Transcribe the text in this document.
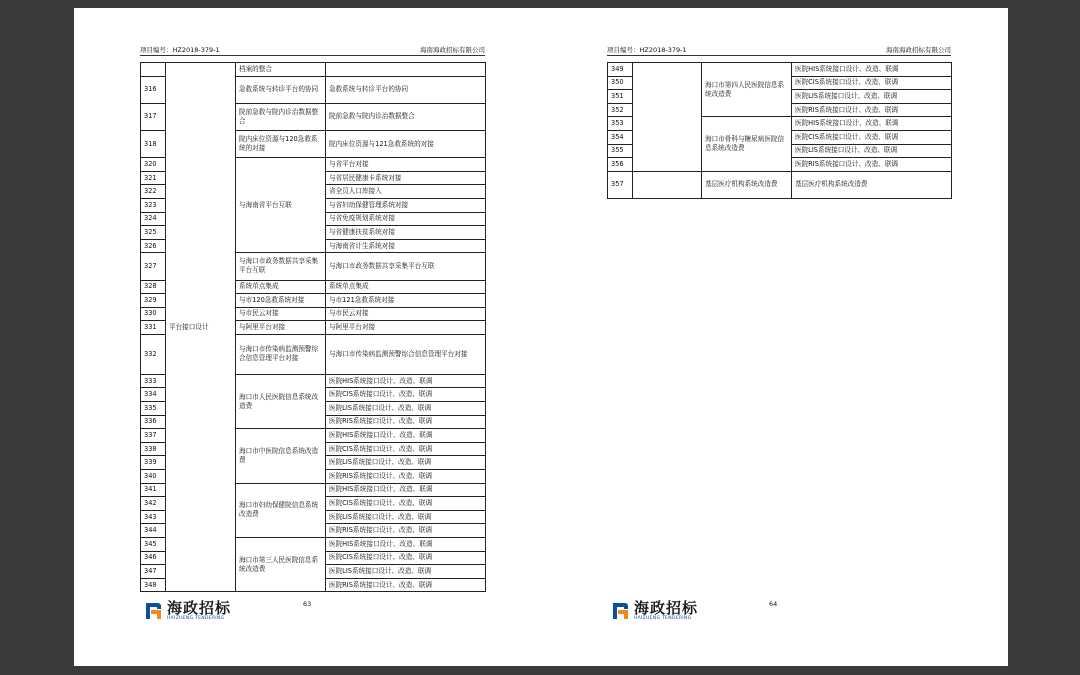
项目编号：HZ2018-379-1	海南海政招标有限公司
	平台接口设计	档案的整合	
316		急救系统与转诊平台的协同	急救系统与转诊平台的协同
317		院前急救与院内诊治数据整合	院前急救与院内诊治数据整合
318		院内床位资源与120急救系统的对接	院内床位资源与121急救系统的对接
320		与海南省平台互联	与省平台对接
321			与省居民健康卡系统对接
322			省全员人口库接入
323			与省妇幼保健管理系统对接
324			与省免疫规划系统对接
325			与省健康扶贫系统对接
326			与海南省计生系统对接
327		与海口市政务数据共享采集平台互联	与海口市政务数据共享采集平台互联
328		系统单点集成	系统单点集成
329		与市120急救系统对接	与市121急救系统对接
330		与市民云对接	与市民云对接
331		与阿里平台对接	与阿里平台对接
332		与海口市传染病监测预警综合信息管理平台对接	与海口市传染病监测预警综合信息管理平台对接
333		海口市人民医院信息系统改造费	医院HIS系统接口设计、改造、联调
334			医院CIS系统接口设计、改造、联调
335			医院LIS系统接口设计、改造、联调
336			医院RIS系统接口设计、改造、联调
337		海口市中医院信息系统改造费	医院HIS系统接口设计、改造、联调
338			医院CIS系统接口设计、改造、联调
339			医院LIS系统接口设计、改造、联调
340			医院RIS系统接口设计、改造、联调
341		海口市妇幼保健院信息系统改造费	医院HIS系统接口设计、改造、联调
342			医院CIS系统接口设计、改造、联调
343			医院LIS系统接口设计、改造、联调
344			医院RIS系统接口设计、改造、联调
345		海口市第三人民医院信息系统改造费	医院HIS系统接口设计、改造、联调
346			医院CIS系统接口设计、改造、联调
347			医院LIS系统接口设计、改造、联调
348			医院RIS系统接口设计、改造、联调
海政招标
HAIZHENG TENDERING
63
项目编号：HZ2018-379-1	海南海政招标有限公司
349		海口市第四人民医院信息系统改造费	医院HIS系统接口设计、改造、联调
350			医院CIS系统接口设计、改造、联调
351			医院LIS系统接口设计、改造、联调
352			医院RIS系统接口设计、改造、联调
353		海口市骨科与糖尿病医院信息系统改造费	医院HIS系统接口设计、改造、联调
354			医院CIS系统接口设计、改造、联调
355			医院LIS系统接口设计、改造、联调
356			医院RIS系统接口设计、改造、联调
357		基层医疗机构系统改造费	基层医疗机构系统改造费
海政招标
HAIZHENG TENDERING
64
